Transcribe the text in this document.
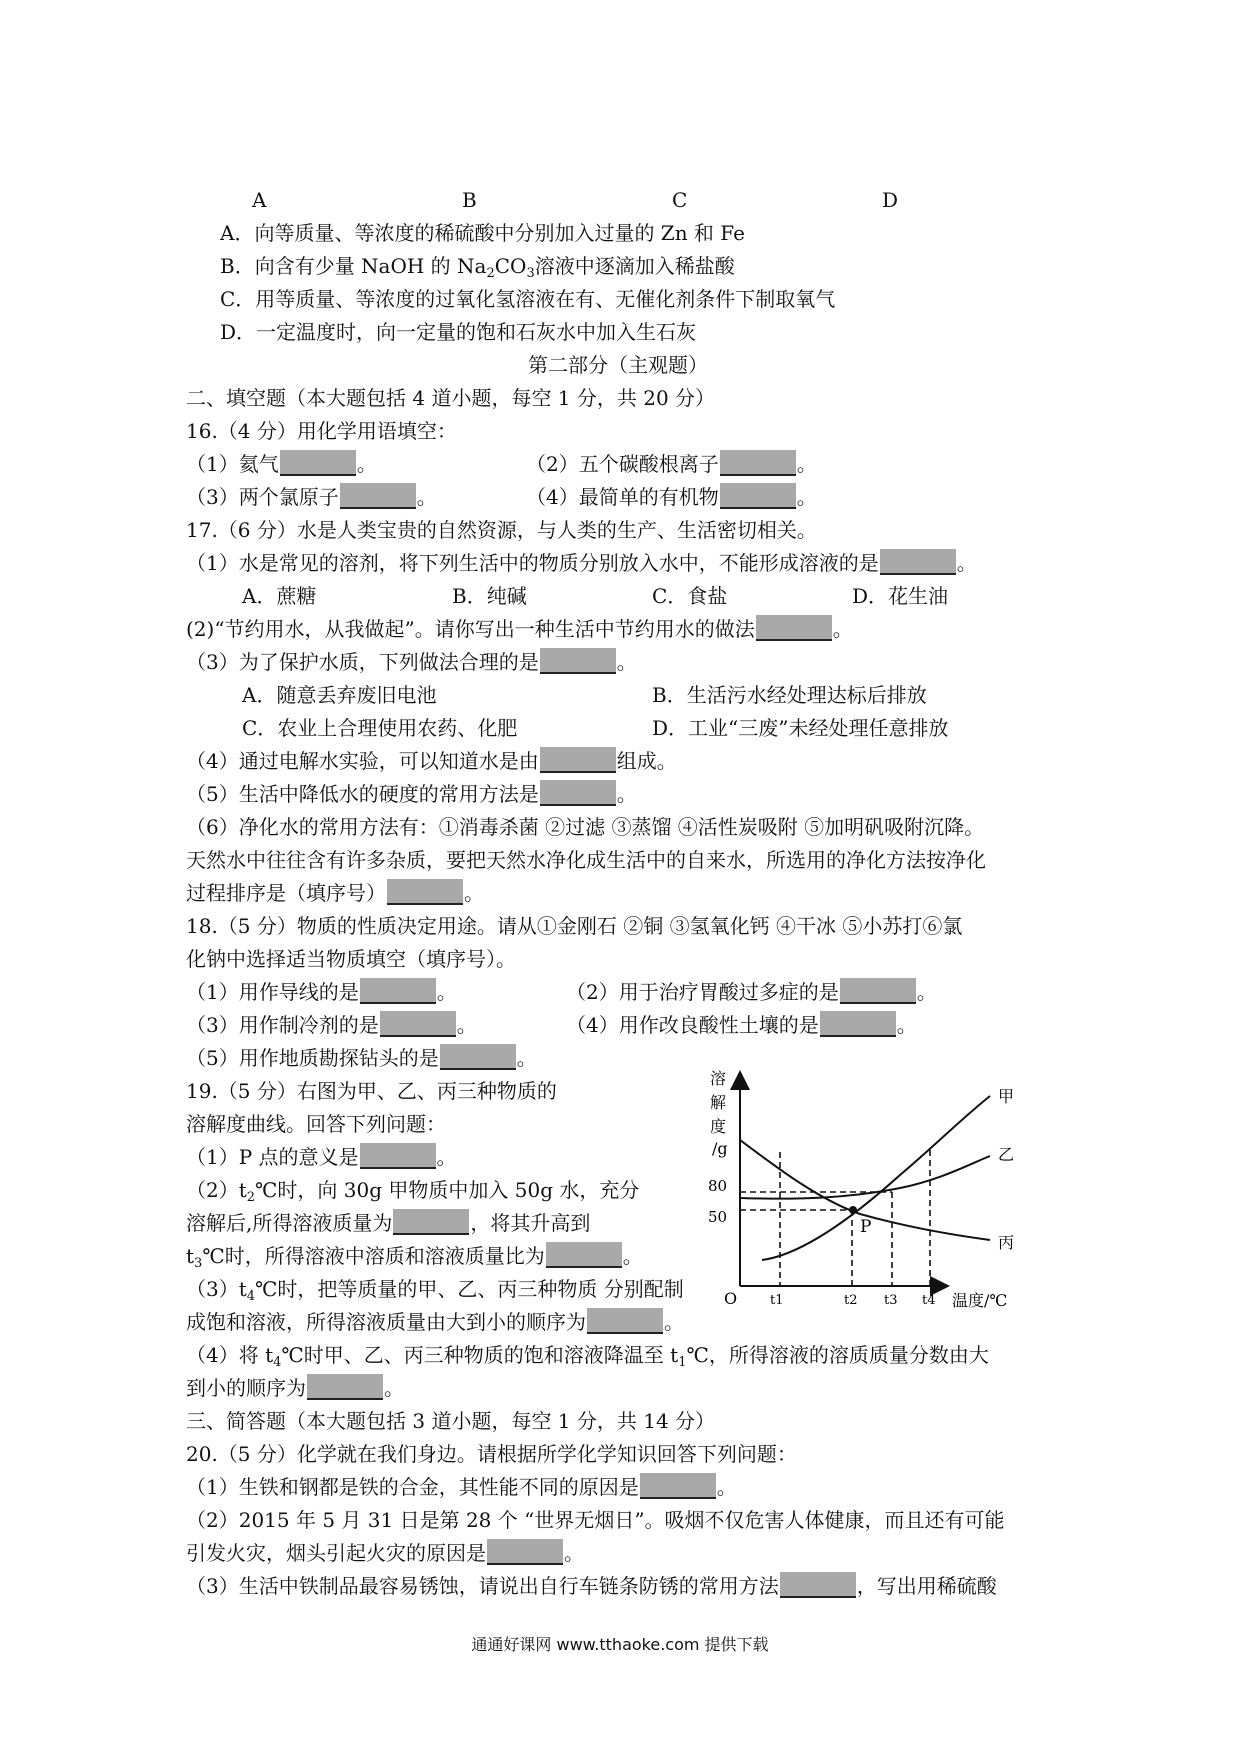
A	B	C	D
A．向等质量、等浓度的稀硫酸中分别加入过量的 Zn 和 Fe
B．向含有少量 NaOH 的 $Na_2CO_3$溶液中逐滴加入稀盐酸
C．用等质量、等浓度的过氧化氢溶液在有、无催化剂条件下制取氧气
D．一定温度时，向一定量的饱和石灰水中加入生石灰
第二部分（主观题）
二、填空题（本大题包括 4 道小题，每空 1 分，共 20 分）
16.（4 分）用化学用语填空：
（1）氦气	。	（2）五个碳酸根离子	。
（3）两个氯原子	。	（4）最简单的有机物	。
17.（6 分）水是人类宝贵的自然资源，与人类的生产、生活密切相关。
（1）水是常见的溶剂，将下列生活中的物质分别放入水中，不能形成溶液的是	。
A．蔗糖	B．纯碱	C．食盐	D．花生油
(2)“节约用水，从我做起”。请你写出一种生活中节约用水的做法	。
（3）为了保护水质，下列做法合理的是	。
A．随意丢弃废旧电池	B．生活污水经处理达标后排放
C．农业上合理使用农药、化肥	D．工业“三废”未经处理任意排放
（4）通过电解水实验，可以知道水是由	组成。
（5）生活中降低水的硬度的常用方法是	。
（6）净化水的常用方法有：①消毒杀菌 ②过滤 ③蒸馏 ④活性炭吸附 ⑤加明矾吸附沉降。
天然水中往往含有许多杂质，要把天然水净化成生活中的自来水，所选用的净化方法按净化
过程排序是（填序号）	。
18.（5 分）物质的性质决定用途。请从①金刚石 ②铜 ③氢氧化钙 ④干冰 ⑤小苏打⑥氯
化钠中选择适当物质填空（填序号）。
（1）用作导线的是	。	（2）用于治疗胃酸过多症的是	。
（3）用作制冷剂的是	。	（4）用作改良酸性土壤的是	。
（5）用作地质勘探钻头的是	。
19.（5 分）右图为甲、乙、丙三种物质的
溶解度曲线。回答下列问题：
（1）P 点的意义是	。
$(2)t_2℃$时，向 30g 甲物质中加入 50g 水，充分
溶解后,所得溶液质量为	，将其升高到
$t_3℃$时，所得溶液中溶质和溶液质量比为	。
$(3)t_4℃$时，把等质量的甲、乙、丙三种物质 分别配制
成饱和溶液，所得溶液质量由大到小的顺序为	。
（4）将 $t_4℃$时甲、乙、丙三种物质的饱和溶液降温至 $t_1℃$，所得溶液的溶质质量分数由大
到小的顺序为	。
溶
解
度
/g
80
50
O	t1	t2 t3 t4 温度/℃
P
甲
乙
丙
三、简答题（本大题包括 3 道小题，每空 1 分，共 14 分）
20.（5 分）化学就在我们身边。请根据所学化学知识回答下列问题：
（1）生铁和钢都是铁的合金，其性能不同的原因是	。
（2）2015 年 5 月 31 日是第 28 个 “世界无烟日”。吸烟不仅危害人体健康，而且还有可能
引发火灾，烟头引起火灾的原因是	。
（3）生活中铁制品最容易锈蚀，请说出自行车链条防锈的常用方法	，写出用稀硫酸
通通好课网 www.tthaoke.com 提供下载
